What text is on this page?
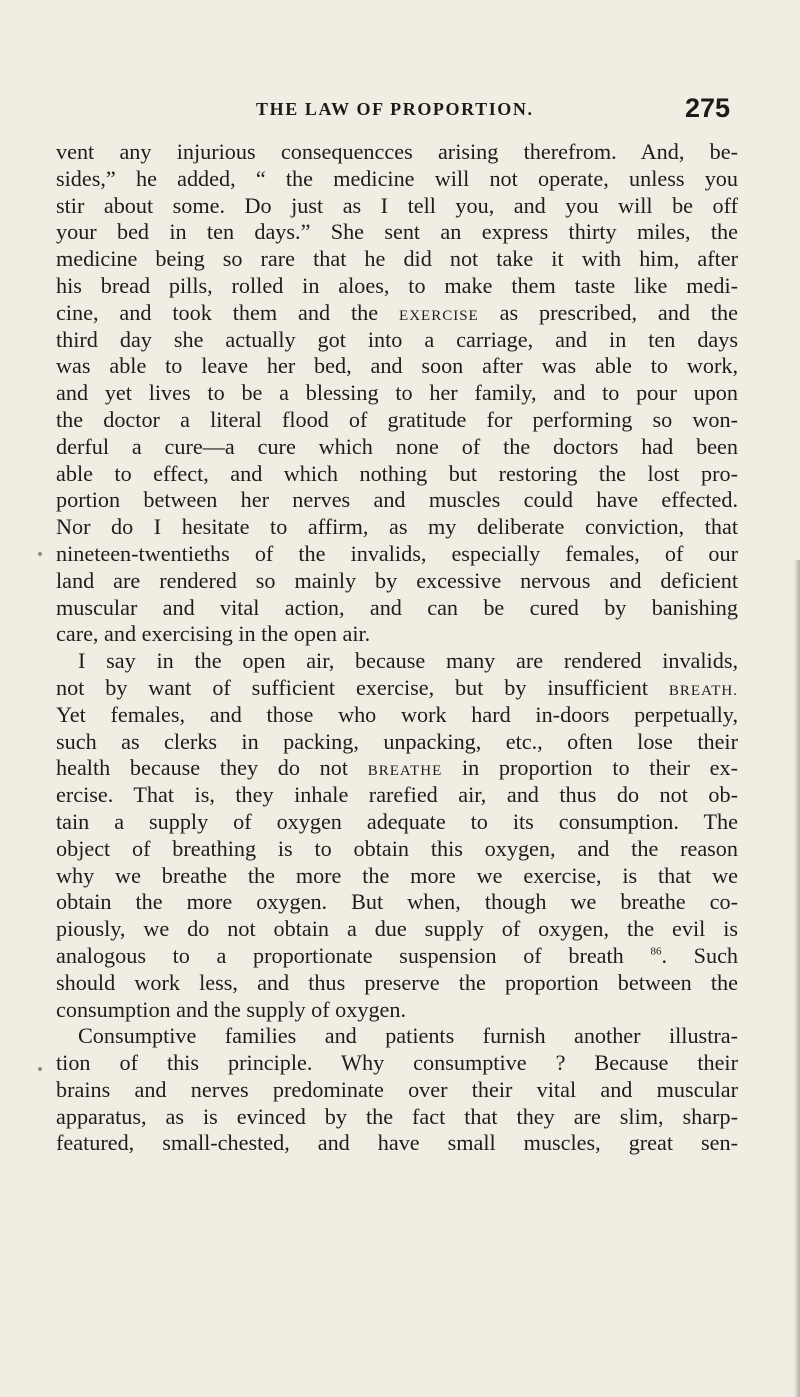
THE LAW OF PROPORTION.	275
vent any injurious consequencces arising therefrom. And, be-
sides,” he added, “ the medicine will not operate, unless you
stir about some. Do just as I tell you, and you will be off
your bed in ten days.” She sent an express thirty miles, the
medicine being so rare that he did not take it with him, after
his bread pills, rolled in aloes, to make them taste like medi-
cine, and took them and the EXERCISE as prescribed, and the
third day she actually got into a carriage, and in ten days
was able to leave her bed, and soon after was able to work,
and yet lives to be a blessing to her family, and to pour upon
the doctor a literal flood of gratitude for performing so won-
derful a cure—a cure which none of the doctors had been
able to effect, and which nothing but restoring the lost pro-
portion between her nerves and muscles could have effected.
Nor do I hesitate to affirm, as my deliberate conviction, that
nineteen-twentieths of the invalids, especially females, of our
land are rendered so mainly by excessive nervous and deficient
muscular and vital action, and can be cured by banishing
care, and exercising in the open air.
I say in the open air, because many are rendered invalids,
not by want of sufficient exercise, but by insufficient BREATH.
Yet females, and those who work hard in-doors perpetually,
such as clerks in packing, unpacking, etc., often lose their
health because they do not BREATHE in proportion to their ex-
ercise. That is, they inhale rarefied air, and thus do not ob-
tain a supply of oxygen adequate to its consumption. The
object of breathing is to obtain this oxygen, and the reason
why we breathe the more the more we exercise, is that we
obtain the more oxygen. But when, though we breathe co-
piously, we do not obtain a due supply of oxygen, the evil is
analogous to a proportionate suspension of breath $^{86}$. Such
should work less, and thus preserve the proportion between the
consumption and the supply of oxygen.
Consumptive families and patients furnish another illustra-
tion of this principle. Why consumptive ? Because their
brains and nerves predominate over their vital and muscular
apparatus, as is evinced by the fact that they are slim, sharp-
featured, small-chested, and have small muscles, great sen-
